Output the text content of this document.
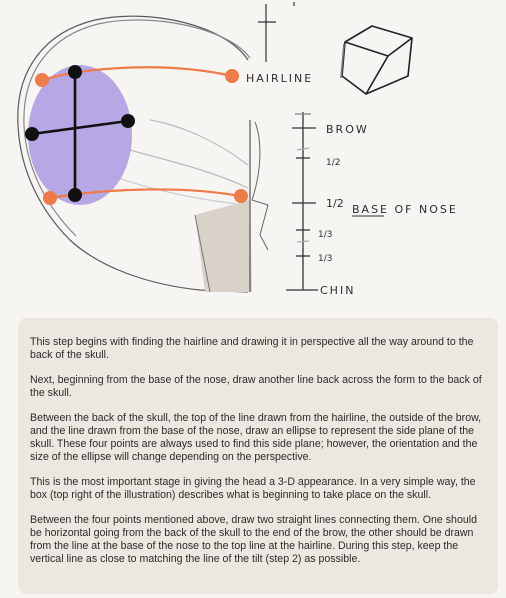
HAIRLINE
BROW
1/2
1/2 BASE OF NOSE
1/3
1/3
CHIN

This step begins with finding the hairline and drawing it in perspective all the way around to the back of the skull.

Next, beginning from the base of the nose, draw another line back across the form to the back of the skull.

Between the back of the skull, the top of the line drawn from the hairline, the outside of the brow, and the line drawn from the base of the nose, draw an ellipse to represent the side plane of the skull. These four points are always used to find this side plane; however, the orientation and the size of the ellipse will change depending on the perspective.

This is the most important stage in giving the head a 3-D appearance. In a very simple way, the box (top right of the illustration) describes what is beginning to take place on the skull.

Between the four points mentioned above, draw two straight lines connecting them. One should be horizontal going from the back of the skull to the end of the brow, the other should be drawn from the line at the base of the nose to the top line at the hairline. During this step, keep the vertical line as close to matching the line of the tilt (step 2) as possible.
